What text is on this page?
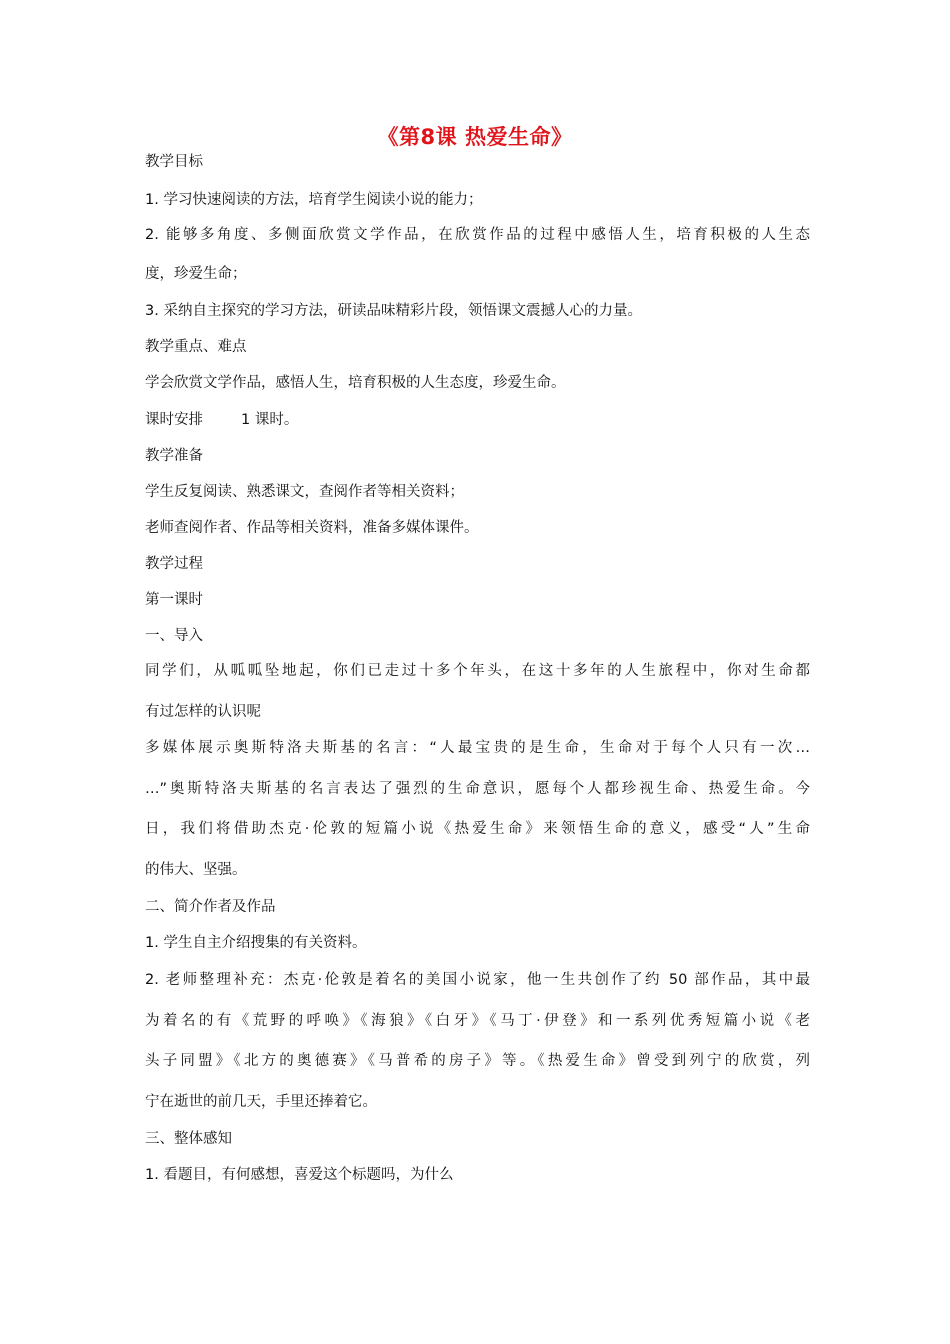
《第8课 热爱生命》
教学目标
1. 学习快速阅读的方法，培育学生阅读小说的能力；
2. 能够多角度、多侧面欣赏文学作品，在欣赏作品的过程中感悟人生，培育积极的人生态
度，珍爱生命；
3. 采纳自主探究的学习方法，研读品味精彩片段，领悟课文震撼人心的力量。
教学重点、难点
学会欣赏文学作品，感悟人生，培育积极的人生态度，珍爱生命。
课时安排	1 课时。
教学准备
学生反复阅读、熟悉课文，查阅作者等相关资料；
老师查阅作者、作品等相关资料，准备多媒体课件。
教学过程
第一课时
一、导入
同学们，从呱呱坠地起，你们已走过十多个年头，在这十多年的人生旅程中，你对生命都
有过怎样的认识呢
多媒体展示奥斯特洛夫斯基的名言：“人最宝贵的是生命，生命对于每个人只有一次…
…”奥斯特洛夫斯基的名言表达了强烈的生命意识，愿每个人都珍视生命、热爱生命。今
日，我们将借助杰克·伦敦的短篇小说《热爱生命》来领悟生命的意义，感受“人”生命
的伟大、坚强。
二、简介作者及作品
1. 学生自主介绍搜集的有关资料。
2. 老师整理补充：杰克·伦敦是着名的美国小说家，他一生共创作了约 50 部作品，其中最
为着名的有《荒野的呼唤》《海狼》《白牙》《马丁·伊登》和一系列优秀短篇小说《老
头子同盟》《北方的奥德赛》《马普希的房子》等。《热爱生命》曾受到列宁的欣赏，列
宁在逝世的前几天，手里还捧着它。
三、整体感知
1. 看题目，有何感想，喜爱这个标题吗，为什么
